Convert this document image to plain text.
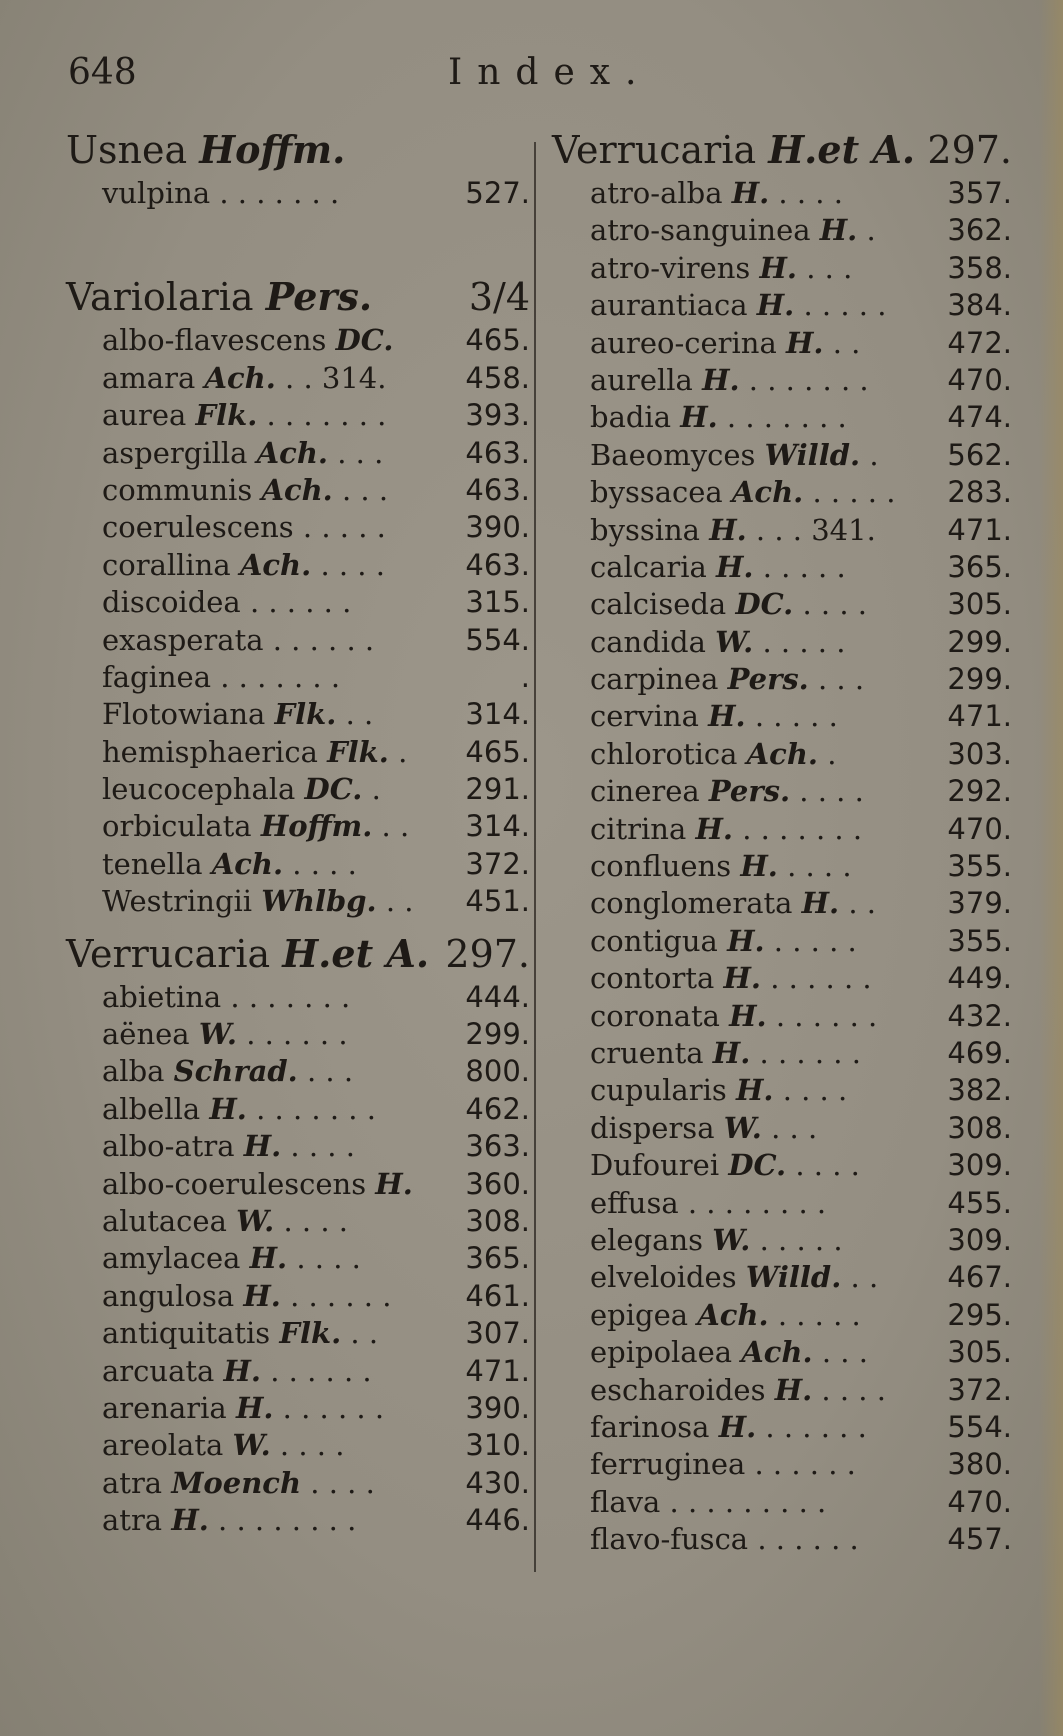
648	Index.
Usnea Hoffm.
vulpina . . . . . . .	527.
Variolaria Pers.	3/4
albo-flavescens DC. 465.
amara Ach. . . 314.	458.
aurea Flk. . . . . . . .	393.
aspergilla Ach. . . .	463.
communis Ach. . . .	463.
coerulescens . . . . .	390.
corallina Ach. . . . .	463.
discoidea . . . . . .	315.
exasperata . . . . . .	554.
faginea . . . . . . .	.
Flotowiana Flk. . .	314.
hemisphaerica Flk. . 465.
leucocephala DC. .	291.
orbiculata Hoffm. . . 314.
tenella Ach. . . . .	372.
Westringii Whlbg. . . 451.
Verrucaria H.et A. 297.
abietina . . . . . . .	444.
aënea W. . . . . . .	299.
alba Schrad. . . .	800.
albella H. . . . . . . .	462.
albo-atra H. . . . .	363.
albo-coerulescens H. 360.
alutacea W. . . . .	308.
amylacea H. . . . .	365.
angulosa H. . . . . . .	461.
antiquitatis Flk. . .	307.
arcuata H. . . . . . .	471.
arenaria H. . . . . . .	390.
areolata W. . . . .	310.
atra Moench . . . .	430.
atra H. . . . . . . . .	446.
Verrucaria H.et A. 297.
atro-alba H. . . . .	357.
atro-sanguinea H. . 362.
atro-virens H. . . .	358.
aurantiaca H. . . . . . 384.
aureo-cerina H. . .	472.
aurella H. . . . . . . .	470.
badia H. . . . . . . .	474.
Baeomyces Willd. . 562.
byssacea Ach. . . . . . 283.
byssina H. . . . 341. 471.
calcaria H. . . . . .	365.
calciseda DC. . . . .	305.
candida W. . . . . .	299.
carpinea Pers. . . .	299.
cervina H. . . . . .	471.
chlorotica Ach. .	303.
cinerea Pers. . . . .	292.
citrina H. . . . . . . .	470.
confluens H. . . . .	355.
conglomerata H. . . 379.
contigua H. . . . . .	355.
contorta H. . . . . . .	449.
coronata H. . . . . . . 432.
cruenta H. . . . . . .	469.
cupularis H. . . . .	382.
dispersa W. . . .	308.
Dufourei DC. . . . .	309.
effusa . . . . . . . .	455.
elegans W. . . . . .	309.
elveloides Willd. . . 467.
epigea Ach. . . . . .	295.
epipolaea Ach. . . .	305.
escharoides H. . . . . 372.
farinosa H. . . . . . .	554.
ferruginea . . . . . .	380.
flava . . . . . . . . .	470.
flavo-fusca . . . . . .	457.
